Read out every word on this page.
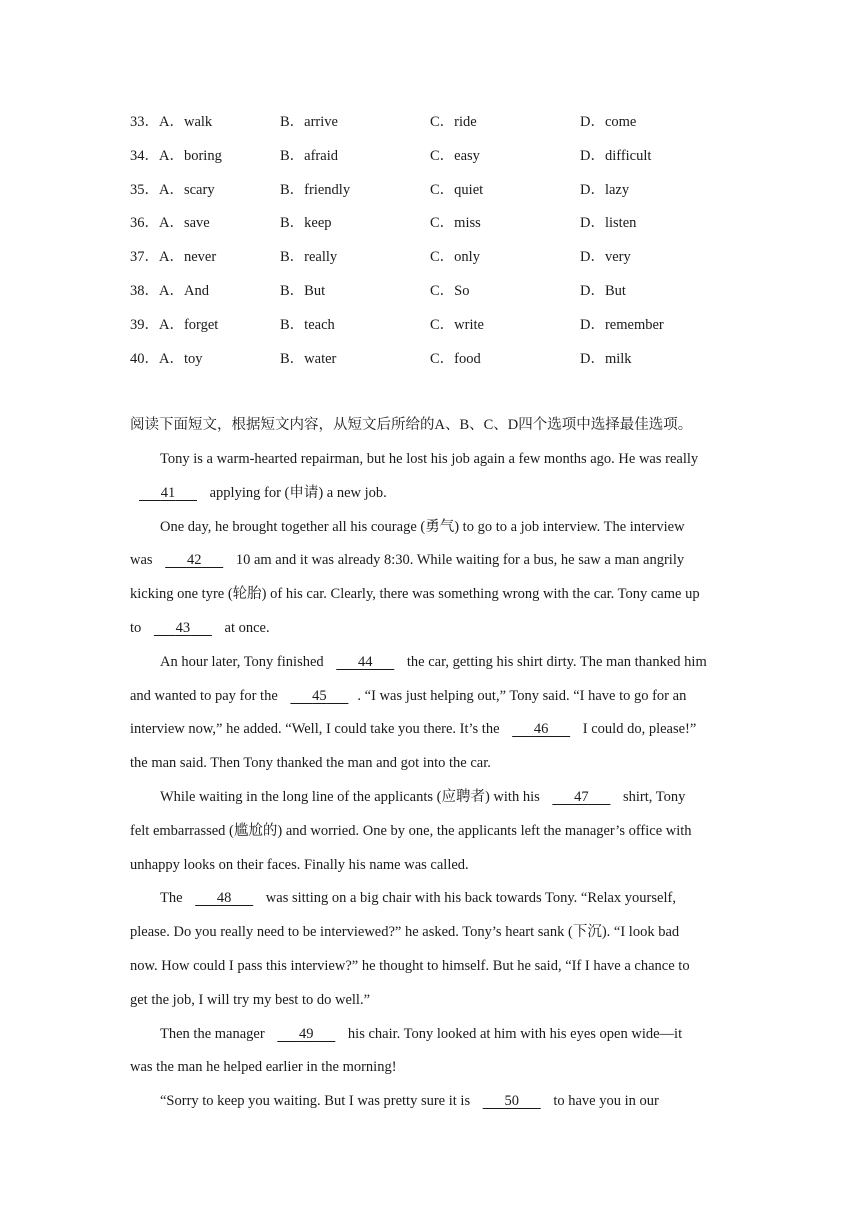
33．A．walk	B．arrive	C．ride	D．come
34．A．boring	B．afraid	C．easy	D．difficult
35．A．scary	B．friendly	C．quiet	D．lazy
36．A．save	B．keep	C．miss	D．listen
37．A．never	B．really	C．only	D．very
38．A．And	B．But	C．So	D．But
39．A．forget	B．teach	C．write	D．remember
40．A．toy	B．water	C．food	D．milk
阅读下面短文，根据短文内容，从短文后所给的A、B、C、D四个选项中选择最佳选项。
Tony is a warm-hearted repairman, but he lost his job again a few months ago. He was really
41 applying for (申请) a new job.
One day, he brought together all his courage (勇气) to go to a job interview. The interview
was 42 10 am and it was already 8:30. While waiting for a bus, he saw a man angrily
kicking one tyre (轮胎) of his car. Clearly, there was something wrong with the car. Tony came up
to 43 at once.
An hour later, Tony finished 44 the car, getting his shirt dirty. The man thanked him
and wanted to pay for the 45 . “I was just helping out,” Tony said. “I have to go for an
interview now,” he added. “Well, I could take you there. It’s the 46 I could do, please!”
the man said. Then Tony thanked the man and got into the car.
While waiting in the long line of the applicants (应聘者) with his 47 shirt, Tony
felt embarrassed (尴尬的) and worried. One by one, the applicants left the manager’s office with
unhappy looks on their faces. Finally his name was called.
The 48 was sitting on a big chair with his back towards Tony. “Relax yourself,
please. Do you really need to be interviewed?” he asked. Tony’s heart sank (下沉). “I look bad
now. How could I pass this interview?” he thought to himself. But he said, “If I have a chance to
get the job, I will try my best to do well.”
Then the manager 49 his chair. Tony looked at him with his eyes open wide—it
was the man he helped earlier in the morning!
“Sorry to keep you waiting. But I was pretty sure it is 50 to have you in our
